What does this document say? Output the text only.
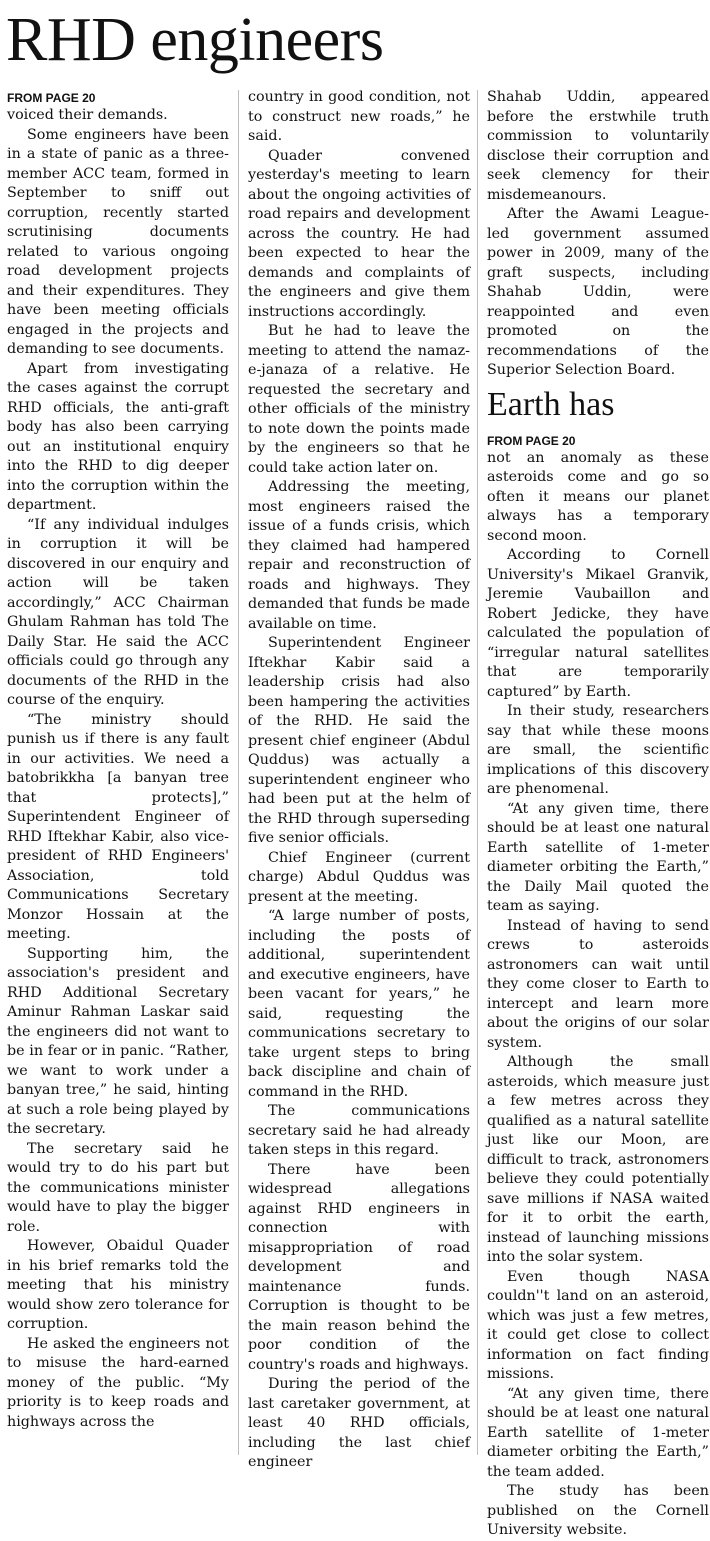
RHD engineers

FROM PAGE 20

voiced their demands.

Some engineers have been in a state of panic as a three-member ACC team, formed in September to sniff out corruption, recently started scrutinising documents related to various ongoing road development projects and their expenditures. They have been meeting officials engaged in the projects and demanding to see documents.

Apart from investigating the cases against the corrupt RHD officials, the anti-graft body has also been carrying out an institutional enquiry into the RHD to dig deeper into the corruption within the department.

“If any individual indulges in corruption it will be discovered in our enquiry and action will be taken accordingly,” ACC Chairman Ghulam Rahman has told The Daily Star. He said the ACC officials could go through any documents of the RHD in the course of the enquiry.

“The ministry should punish us if there is any fault in our activities. We need a batobrikkha [a banyan tree that protects],” Superintendent Engineer of RHD Iftekhar Kabir, also vice-president of RHD Engineers' Association, told Communications Secretary Monzor Hossain at the meeting.

Supporting him, the association's president and RHD Additional Secretary Aminur Rahman Laskar said the engineers did not want to be in fear or in panic. “Rather, we want to work under a banyan tree,” he said, hinting at such a role being played by the secretary.

The secretary said he would try to do his part but the communications minister would have to play the bigger role.

However, Obaidul Quader in his brief remarks told the meeting that his ministry would show zero tolerance for corruption.

He asked the engineers not to misuse the hard-earned money of the public. “My priority is to keep roads and highways across the

country in good condition, not to construct new roads,” he said.

Quader convened yesterday's meeting to learn about the ongoing activities of road repairs and development across the country. He had been expected to hear the demands and complaints of the engineers and give them instructions accordingly.

But he had to leave the meeting to attend the namaz-e-janaza of a relative. He requested the secretary and other officials of the ministry to note down the points made by the engineers so that he could take action later on.

Addressing the meeting, most engineers raised the issue of a funds crisis, which they claimed had hampered repair and reconstruction of roads and highways. They demanded that funds be made available on time.

Superintendent Engineer Iftekhar Kabir said a leadership crisis had also been hampering the activities of the RHD. He said the present chief engineer (Abdul Quddus) was actually a superintendent engineer who had been put at the helm of the RHD through superseding five senior officials.

Chief Engineer (current charge) Abdul Quddus was present at the meeting.

“A large number of posts, including the posts of additional, superintendent and executive engineers, have been vacant for years,” he said, requesting the communications secretary to take urgent steps to bring back discipline and chain of command in the RHD.

The communications secretary said he had already taken steps in this regard.

There have been widespread allegations against RHD engineers in connection with misappropriation of road development and maintenance funds. Corruption is thought to be the main reason behind the poor condition of the country's roads and highways.

During the period of the last caretaker government, at least 40 RHD officials, including the last chief engineer

Shahab Uddin, appeared before the erstwhile truth commission to voluntarily disclose their corruption and seek clemency for their misdemeanours.

After the Awami League-led government assumed power in 2009, many of the graft suspects, including Shahab Uddin, were reappointed and even promoted on the recommendations of the Superior Selection Board.

Earth has

FROM PAGE 20

not an anomaly as these asteroids come and go so often it means our planet always has a temporary second moon.

According to Cornell University's Mikael Granvik, Jeremie Vaubaillon and Robert Jedicke, they have calculated the population of “irregular natural satellites that are temporarily captured” by Earth.

In their study, researchers say that while these moons are small, the scientific implications of this discovery are phenomenal.

“At any given time, there should be at least one natural Earth satellite of 1-meter diameter orbiting the Earth,” the Daily Mail quoted the team as saying.

Instead of having to send crews to asteroids astronomers can wait until they come closer to Earth to intercept and learn more about the origins of our solar system.

Although the small asteroids, which measure just a few metres across they qualified as a natural satellite just like our Moon, are difficult to track, astronomers believe they could potentially save millions if NASA waited for it to orbit the earth, instead of launching missions into the solar system.

Even though NASA couldn''t land on an asteroid, which was just a few metres, it could get close to collect information on fact finding missions.

“At any given time, there should be at least one natural Earth satellite of 1-meter diameter orbiting the Earth,” the team added.

The study has been published on the Cornell University website.
